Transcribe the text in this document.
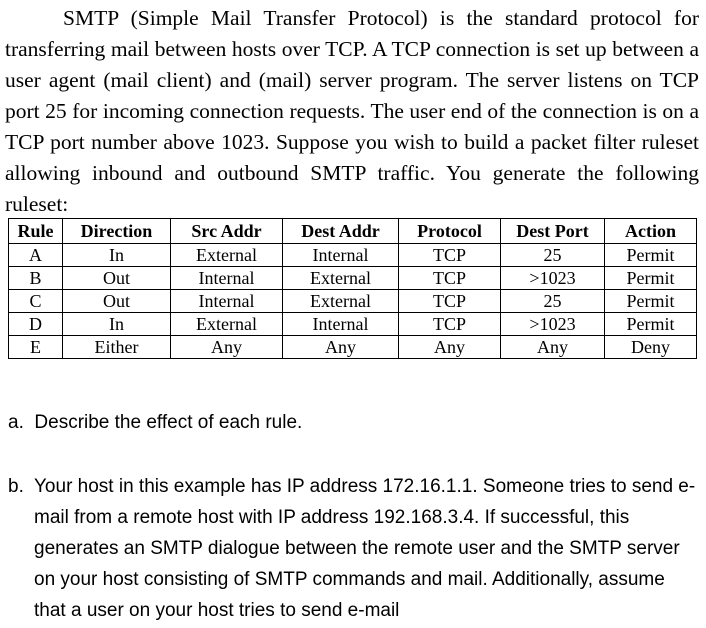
SMTP (Simple Mail Transfer Protocol) is the standard protocol for transferring mail between hosts over TCP. A TCP connection is set up between a user agent (mail client) and (mail) server program. The server listens on TCP port 25 for incoming connection requests. The user end of the connection is on a TCP port number above 1023. Suppose you wish to build a packet filter ruleset allowing inbound and outbound SMTP traffic. You generate the following ruleset:

Rule	Direction	Src Addr	Dest Addr	Protocol	Dest Port	Action
A	In	External	Internal	TCP	25	Permit
B	Out	Internal	External	TCP	>1023	Permit
C	Out	Internal	External	TCP	25	Permit
D	In	External	Internal	TCP	>1023	Permit
E	Either	Any	Any	Any	Any	Deny

a.  Describe the effect of each rule.

b. Your host in this example has IP address 172.16.1.1. Someone tries to send e-mail from a remote host with IP address 192.168.3.4. If successful, this generates an SMTP dialogue between the remote user and the SMTP server on your host consisting of SMTP commands and mail. Additionally, assume that a user on your host tries to send e-mail
